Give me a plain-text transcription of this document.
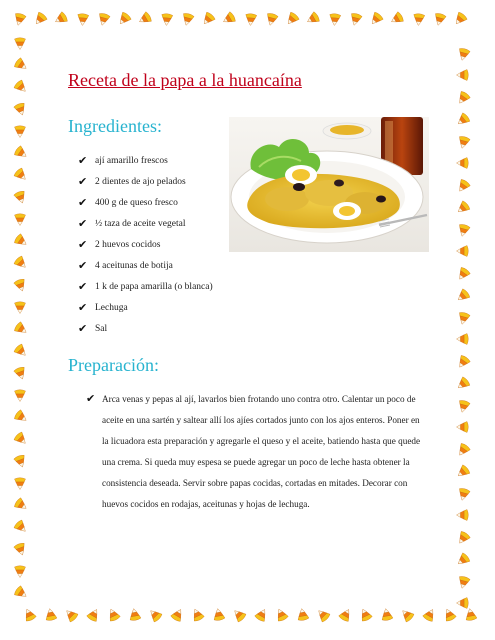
Receta de la papa a la huancaína
Ingredientes:
✔ ají amarillo frescos
✔ 2 dientes de ajo pelados
✔ 400 g de queso fresco
✔ ½ taza de aceite vegetal
✔ 2 huevos cocidos
✔ 4 aceitunas de botija
✔ 1 k de papa amarilla (o blanca)
✔ Lechuga
✔ Sal
Preparación:
✔ Arca venas y pepas al ají, lavarlos bien frotando uno contra otro. Calentar un poco de aceite en una sartén y saltear allí los ajíes cortados junto con los ajos enteros. Poner en la licuadora esta preparación y agregarle el queso y el aceite, batiendo hasta que quede una crema. Si queda muy espesa se puede agregar un poco de leche hasta obtener la consistencia deseada. Servir sobre papas cocidas, cortadas en mitades. Decorar con huevos cocidos en rodajas, aceitunas y hojas de lechuga.
